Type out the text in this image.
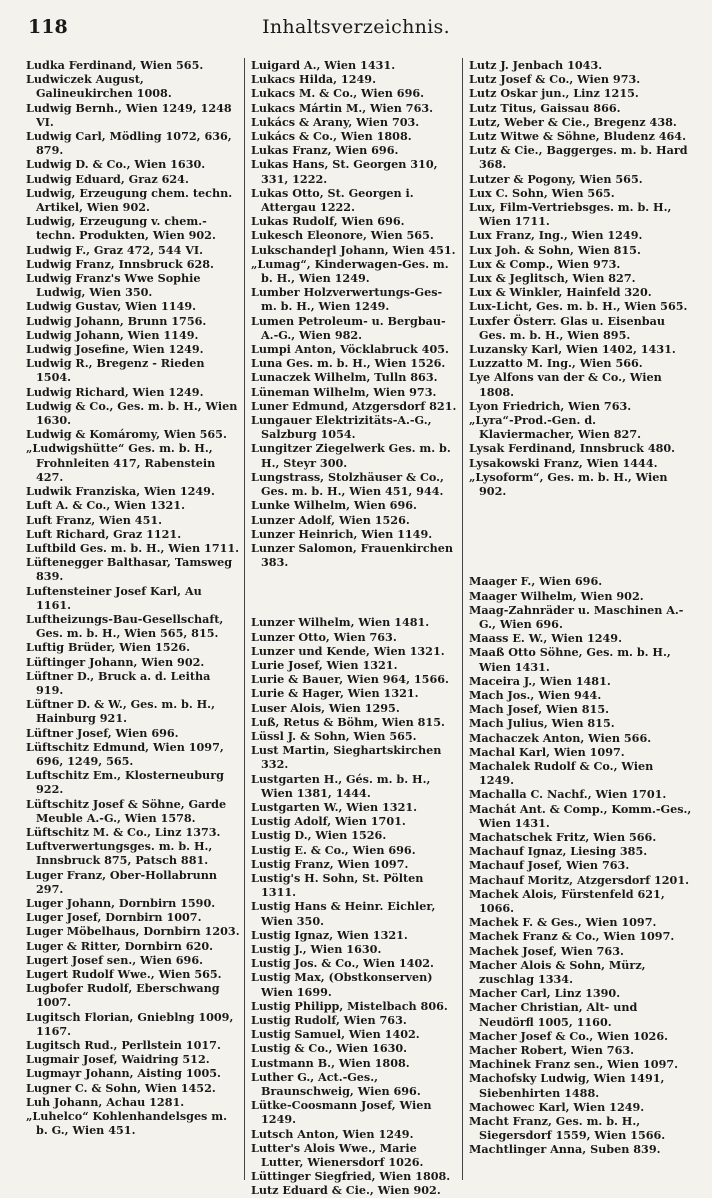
118	Inhaltsverzeichnis.

Ludka Ferdinand, Wien 565.

Ludwiczek August, Galineukirchen 1008.

Ludwig Bernh., Wien 1249, 1248 VI.

Ludwig Carl, Mödling 1072, 636, 879.

Ludwig D. & Co., Wien 1630.

Ludwig Eduard, Graz 624.

Ludwig, Erzeugung chem. techn. Artikel, Wien 902.

Ludwig, Erzeugung v. chem.-techn. Produkten, Wien 902.

Ludwig F., Graz 472, 544 VI.

Ludwig Franz, Innsbruck 628.

Ludwig Franz's Wwe Sophie Ludwig, Wien 350.

Ludwig Gustav, Wien 1149.

Ludwig Johann, Brunn 1756.

Ludwig Johann, Wien 1149.

Ludwig Josefine, Wien 1249.

Ludwig R., Bregenz - Rieden 1504.

Ludwig Richard, Wien 1249.

Ludwig & Co., Ges. m. b. H., Wien 1630.

Ludwig & Komáromy, Wien 565.

„Ludwigshütte“ Ges. m. b. H., Frohnleiten 417, Rabenstein 427.

Ludwik Franziska, Wien 1249.

Luft A. & Co., Wien 1321.

Luft Franz, Wien 451.

Luft Richard, Graz 1121.

Luftbild Ges. m. b. H., Wien 1711.

Lüftenegger Balthasar, Tamsweg 839.

Luftensteiner Josef Karl, Au 1161.

Luftheizungs-Bau-Gesellschaft, Ges. m. b. H., Wien 565, 815.

Luftig Brüder, Wien 1526.

Lüftinger Johann, Wien 902.

Lüftner D., Bruck a. d. Leitha 919.

Lüftner D. & W., Ges. m. b. H., Hainburg 921.

Lüftner Josef, Wien 696.

Lüftschitz Edmund, Wien 1097, 696, 1249, 565.

Luftschitz Em., Klosterneuburg 922.

Lüftschitz Josef & Söhne, Garde Meuble A.-G., Wien 1578.

Lüftschitz M. & Co., Linz 1373.

Luftverwertungsges. m. b. H., Innsbruck 875, Patsch 881.

Luger Franz, Ober-Hollabrunn 297.

Luger Johann, Dornbirn 1590.

Luger Josef, Dornbirn 1007.

Luger Möbelhaus, Dornbirn 1203.

Luger & Ritter, Dornbirn 620.

Lugert Josef sen., Wien 696.

Lugert Rudolf Wwe., Wien 565.

Lugbofer Rudolf, Eberschwang 1007.

Lugitsch Florian, Gnieblng 1009, 1167.

Lugitsch Rud., Perllstein 1017.

Lugmair Josef, Waidring 512.

Lugmayr Johann, Aisting 1005.

Lugner C. & Sohn, Wien 1452.

Luh Johann, Achau 1281.

„Luhelco“ Kohlenhandelsges m. b. G., Wien 451.

Luigard A., Wien 1431.

Lukacs Hilda, 1249.

Lukacs M. & Co., Wien 696.

Lukacs Mártin M., Wien 763.

Lukács & Arany, Wien 703.

Lukács & Co., Wien 1808.

Lukas Franz, Wien 696.

Lukas Hans, St. Georgen 310, 331, 1222.

Lukas Otto, St. Georgen i. Attergau 1222.

Lukas Rudolf, Wien 696.

Lukesch Eleonore, Wien 565.

Lukschandeɼl Johann, Wien 451.

„Lumag“, Kinderwagen-Ges. m. b. H., Wien 1249.

Lumber Holzverwertungs-Ges- m. b. H., Wien 1249.

Lumen Petroleum- u. Bergbau-A.-G., Wien 982.

Lumpi Anton, Vöcklabruck 405.

Luna Ges. m. b. H., Wien 1526.

Lunaczek Wilhelm, Tulln 863.

Lüneman Wilhelm, Wien 973.

Luner Edmund, Atzgersdorf 821.

Lungauer Elektrizitäts-A.-G., Salzburg 1054.

Lungitzer Ziegelwerk Ges. m. b. H., Steyr 300.

Lungstrass, Stolzhäuser & Co., Ges. m. b. H., Wien 451, 944.

Lunke Wilhelm, Wien 696.

Lunzer Adolf, Wien 1526.

Lunzer Heinrich, Wien 1149.

Lunzer Salomon, Frauenkirchen 383.

Lunzer Wilhelm, Wien 1481.

Lunzer Otto, Wien 763.

Lunzer und Kende, Wien 1321.

Lurie Josef, Wien 1321.

Lurie & Bauer, Wien 964, 1566.

Lurie & Hager, Wien 1321.

Luser Alois, Wien 1295.

Luß, Retus & Böhm, Wien 815.

Lüssl J. & Sohn, Wien 565.

Lust Martin, Sieghartskirchen 332.

Lustgarten H., Gés. m. b. H., Wien 1381, 1444.

Lustgarten W., Wien 1321.

Lustig Adolf, Wien 1701.

Lustig D., Wien 1526.

Lustig E. & Co., Wien 696.

Lustig Franz, Wien 1097.

Lustig's H. Sohn, St. Pölten 1311.

Lustig Hans & Heinr. Eichler, Wien 350.

Lustig Ignaz, Wien 1321.

Lustig J., Wien 1630.

Lustig Jos. & Co., Wien 1402.

Lustig Max, (Obstkonserven) Wien 1699.

Lustig Philipp, Mistelbach 806.

Lustig Rudolf, Wien 763.

Lustig Samuel, Wien 1402.

Lustig & Co., Wien 1630.

Lustmann B., Wien 1808.

Luther G., Act.-Ges., Braunschweig, Wien 696.

Lütke-Coosmann Josef, Wien 1249.

Lutsch Anton, Wien 1249.

Lutter's Alois Wwe., Marie Lutter, Wienersdorf 1026.

Lüttinger Siegfried, Wien 1808.

Lutz Eduard & Cie., Wien 902.

Lutz J. Jenbach 1043.

Lutz Josef & Co., Wien 973.

Lutz Oskar jun., Linz 1215.

Lutz Titus, Gaissau 866.

Lutz, Weber & Cie., Bregenz 438.

Lutz Witwe & Söhne, Bludenz 464.

Lutz & Cie., Baggerges. m. b. Hard 368.

Lutzer & Pogony, Wien 565.

Lux C. Sohn, Wien 565.

Lux, Film-Vertriebsges. m. b. H., Wien 1711.

Lux Franz, Ing., Wien 1249.

Lux Joh. & Sohn, Wien 815.

Lux & Comp., Wien 973.

Lux & Jeglitsch, Wien 827.

Lux & Winkler, Hainfeld 320.

Lux-Licht, Ges. m. b. H., Wien 565.

Luxfer Österr. Glas u. Eisenbau Ges. m. b. H., Wien 895.

Luzansky Karl, Wien 1402, 1431.

Luzzatto M. Ing., Wien 566.

Lye Alfons van der & Co., Wien 1808.

Lyon Friedrich, Wien 763.

„Lyra“-Prod.-Gen. d. Klaviermacher, Wien 827.

Lysak Ferdinand, Innsbruck 480.

Lysakowski Franz, Wien 1444.

„Lysoform“, Ges. m. b. H., Wien 902.

Maager F., Wien 696.

Maager Wilhelm, Wien 902.

Maag-Zahnräder u. Maschinen A.-G., Wien 696.

Maass E. W., Wien 1249.

Maaß Otto Söhne, Ges. m. b. H., Wien 1431.

Maceira J., Wien 1481.

Mach Jos., Wien 944.

Mach Josef, Wien 815.

Mach Julius, Wien 815.

Machaczek Anton, Wien 566.

Machal Karl, Wien 1097.

Machalek Rudolf & Co., Wien 1249.

Machalla C. Nachf., Wien 1701.

Machát Ant. & Comp., Komm.-Ges., Wien 1431.

Machatschek Fritz, Wien 566.

Machauf Ignaz, Liesing 385.

Machauf Josef, Wien 763.

Machauf Moritz, Atzgersdorf 1201.

Machek Alois, Fürstenfeld 621, 1066.

Machek F. & Ges., Wien 1097.

Machek Franz & Co., Wien 1097.

Machek Josef, Wien 763.

Macher Alois & Sohn, Mürz, zuschlag 1334.

Macher Carl, Linz 1390.

Macher Christian, Alt- und Neudörfl 1005, 1160.

Macher Josef & Co., Wien 1026.

Macher Robert, Wien 763.

Machinek Franz sen., Wien 1097.

Machofsky Ludwig, Wien 1491, Siebenhirten 1488.

Machowec Karl, Wien 1249.

Macht Franz, Ges. m. b. H., Siegersdorf 1559, Wien 1566.

Machtlinger Anna, Suben 839.
